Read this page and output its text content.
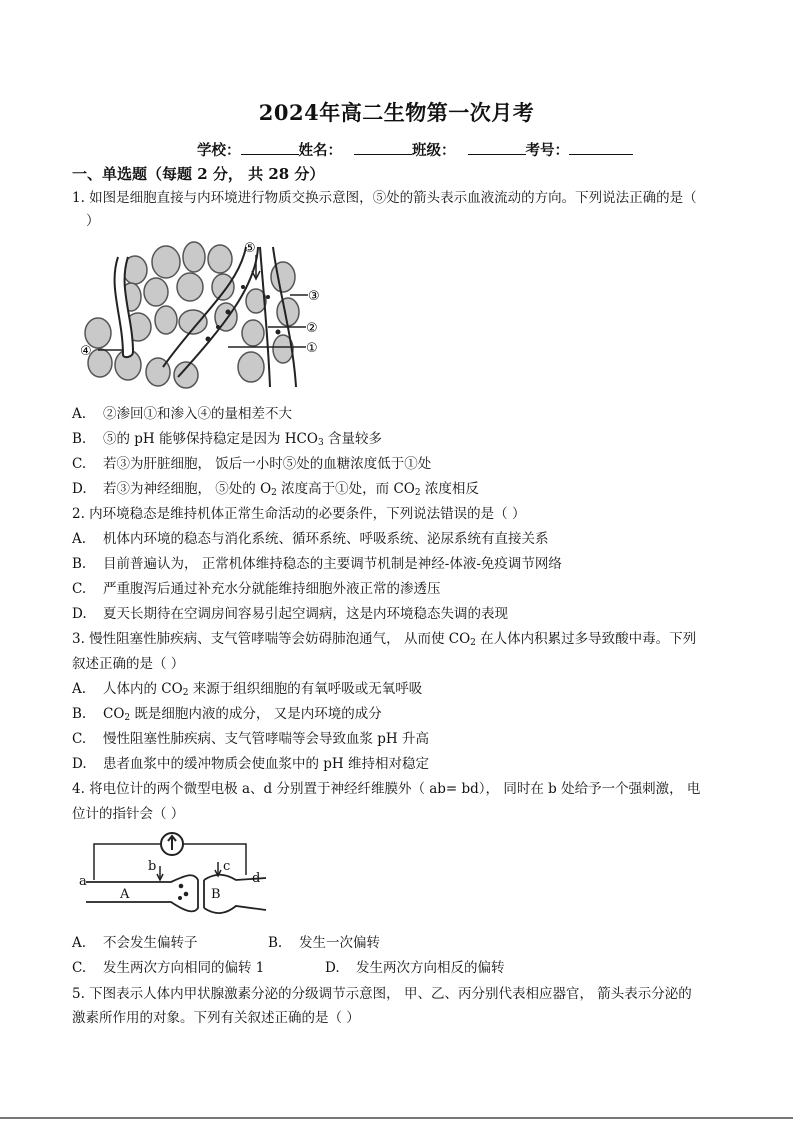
2024年高二生物第一次月考
学校：	姓名：	班级：	考号：
一、单选题（每题 2 分， 共 28 分）
1. 如图是细胞直接与内环境进行物质交换示意图，⑤处的箭头表示血液流动的方向。下列说法正确的是（
）
⑤
③
②
①
④
A. ②渗回①和渗入④的量相差不大
B. ⑤的 pH 能够保持稳定是因为 $HCO_3$ 含量较多
C. 若③为肝脏细胞， 饭后一小时⑤处的血糖浓度低于①处
D. 若③为神经细胞， ⑤处的 $O_2$ 浓度高于①处，而 $CO_2$ 浓度相反
2. 内环境稳态是维持机体正常生命活动的必要条件，下列说法错误的是（ ）
A. 机体内环境的稳态与消化系统、循环系统、呼吸系统、泌尿系统有直接关系
B. 目前普遍认为， 正常机体维持稳态的主要调节机制是神经-体液-免疫调节网络
C. 严重腹泻后通过补充水分就能维持细胞外液正常的渗透压
D. 夏天长期待在空调房间容易引起空调病，这是内环境稳态失调的表现
3. 慢性阻塞性肺疾病、支气管哮喘等会妨碍肺泡通气， 从而使 $CO_2$ 在人体内积累过多导致酸中毒。下列
叙述正确的是（ ）
A. 人体内的 $CO_2$ 来源于组织细胞的有氧呼吸或无氧呼吸
B. $CO_2$ 既是细胞内液的成分， 又是内环境的成分
C. 慢性阻塞性肺疾病、支气管哮喘等会导致血浆 pH 升高
D. 患者血浆中的缓冲物质会使血浆中的 pH 维持相对稳定
4. 将电位计的两个微型电极 a、d 分别置于神经纤维膜外（ ab= bd）， 同时在 b 处给予一个强刺激， 电
位计的指针会（ ）
a
b	c
d
A	B
A. 不会发生偏转子	B. 发生一次偏转
C. 发生两次方向相同的偏转 1	D. 发生两次方向相反的偏转
5. 下图表示人体内甲状腺激素分泌的分级调节示意图， 甲、乙、丙分别代表相应器官， 箭头表示分泌的
激素所作用的对象。下列有关叙述正确的是（ ）
